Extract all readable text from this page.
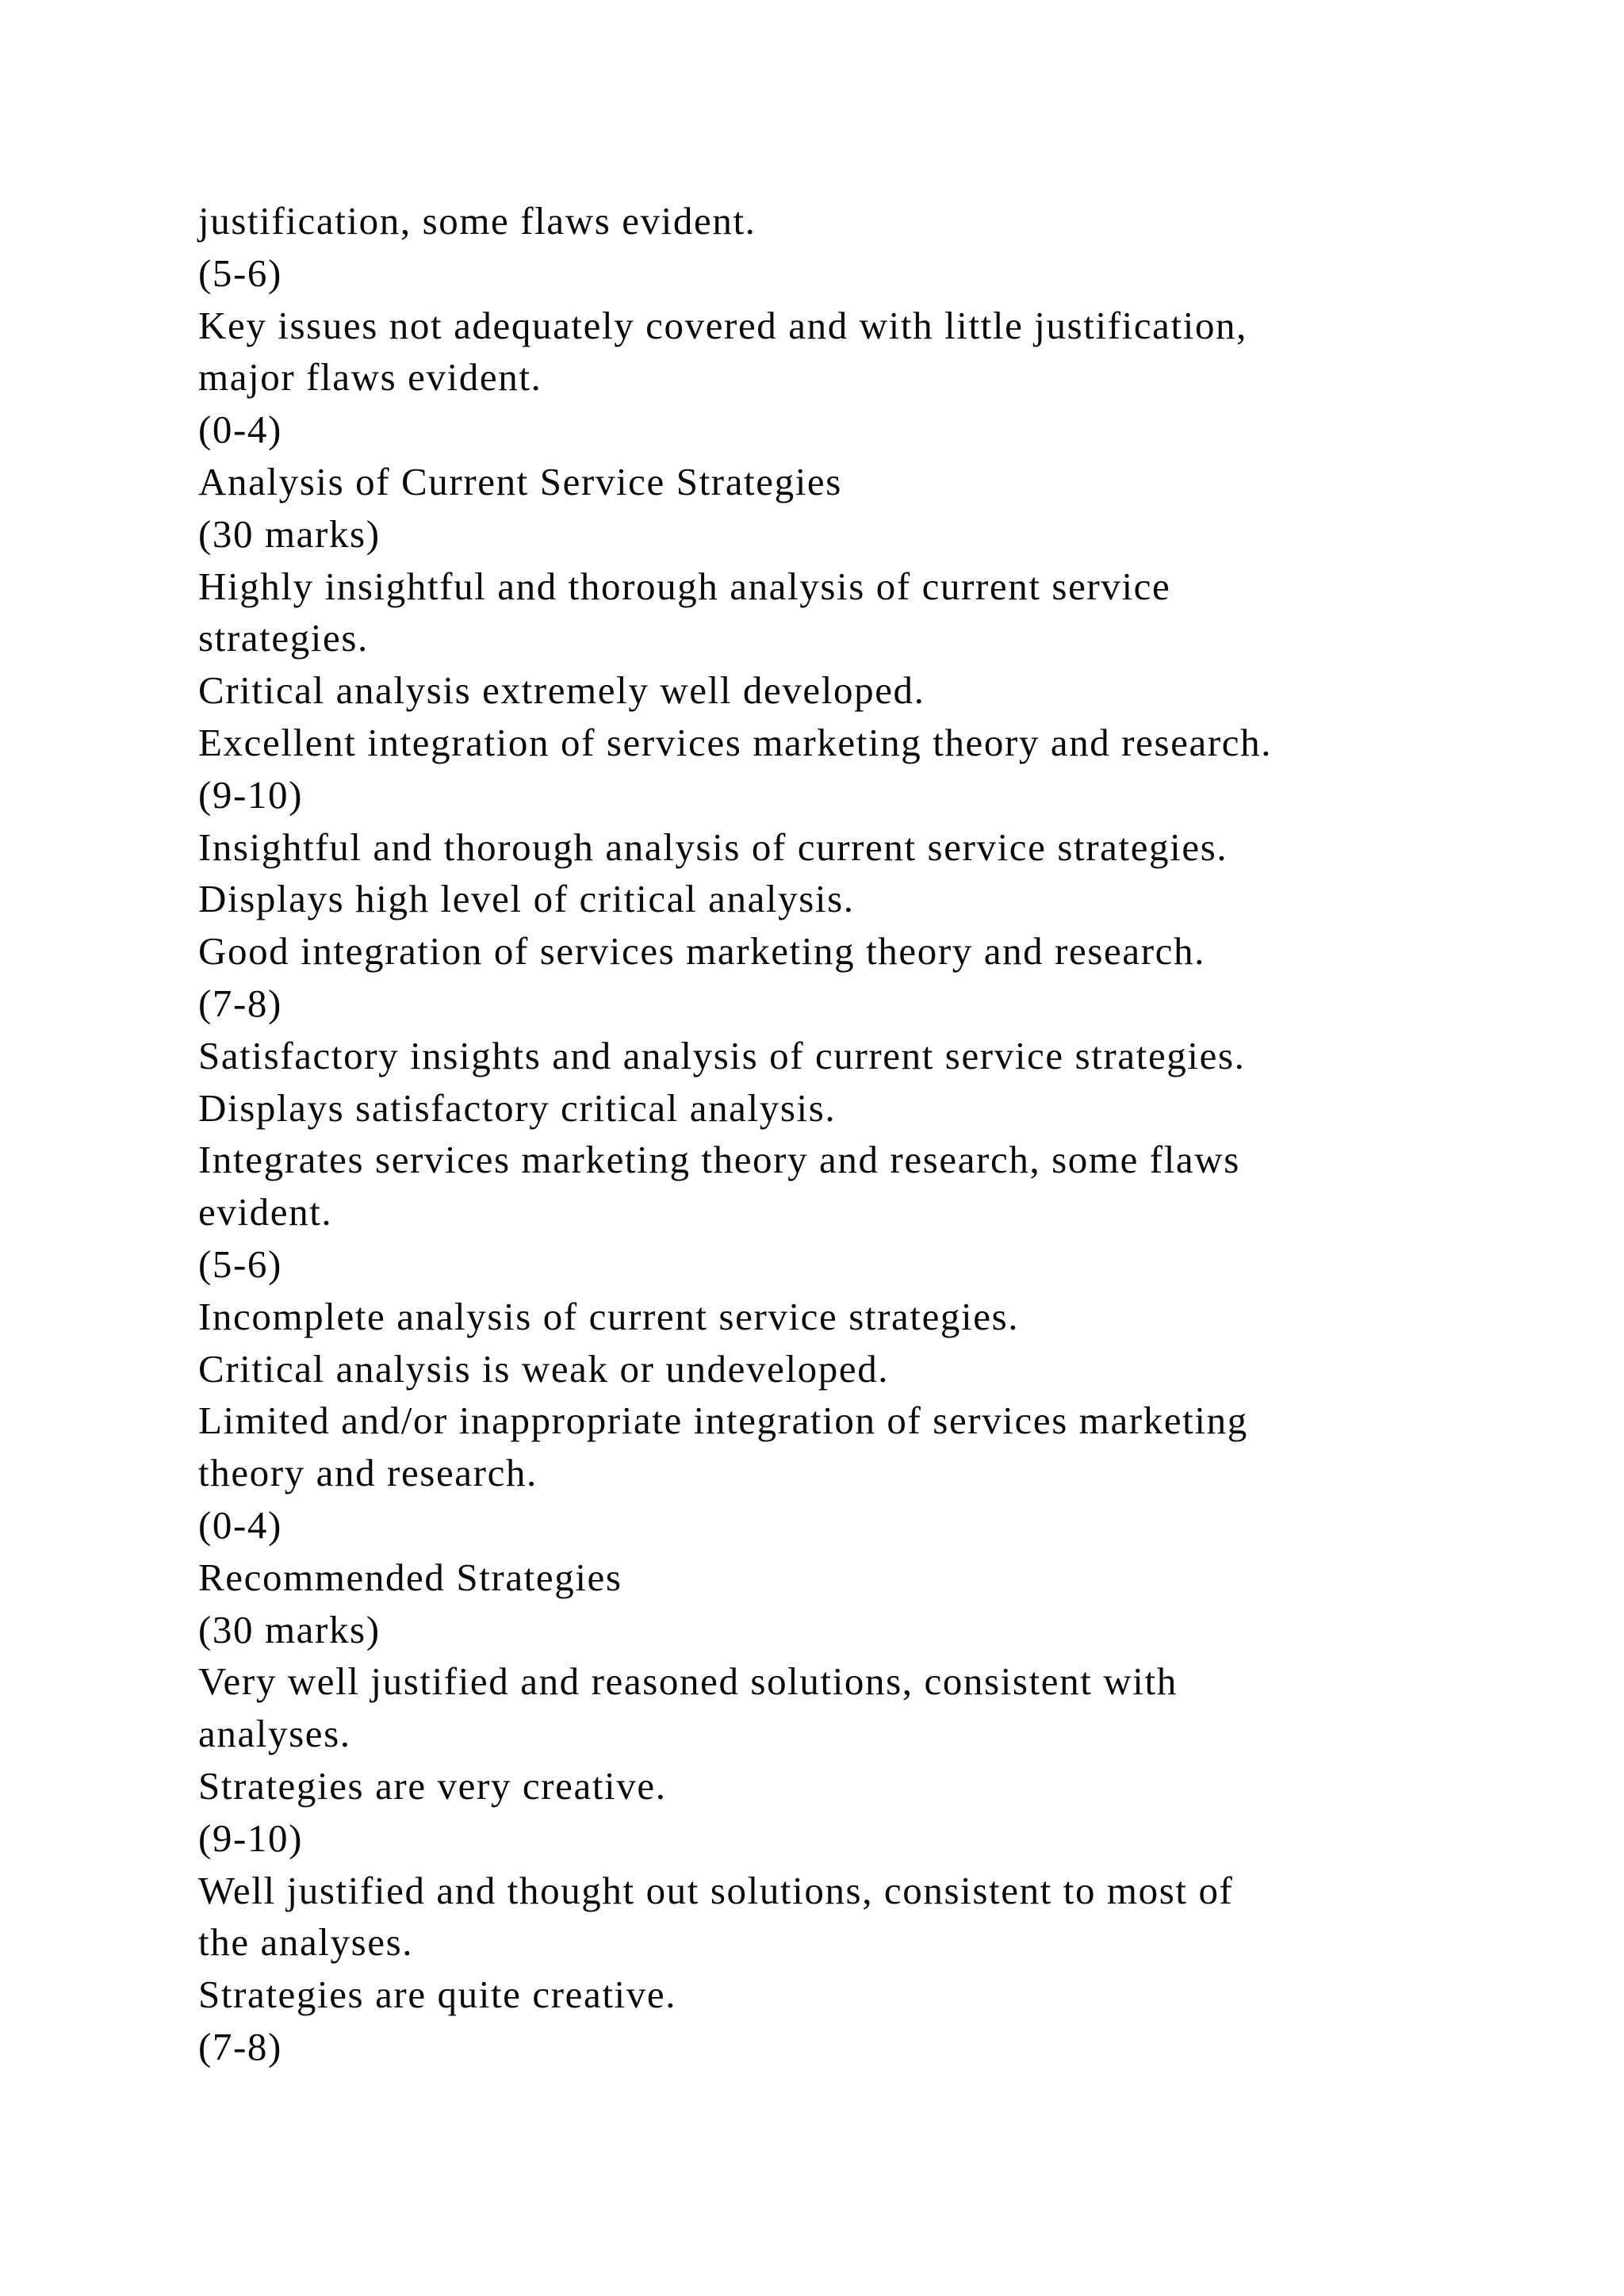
justification, some flaws evident.
(5-6)
Key issues not adequately covered and with little justification,
major flaws evident.
(0-4)
Analysis of Current Service Strategies
(30 marks)
Highly insightful and thorough analysis of current service
strategies.
Critical analysis extremely well developed.
Excellent integration of services marketing theory and research.
(9-10)
Insightful and thorough analysis of current service strategies.
Displays high level of critical analysis.
Good integration of services marketing theory and research.
(7-8)
Satisfactory insights and analysis of current service strategies.
Displays satisfactory critical analysis.
Integrates services marketing theory and research, some flaws
evident.
(5-6)
Incomplete analysis of current service strategies.
Critical analysis is weak or undeveloped.
Limited and/or inappropriate integration of services marketing
theory and research.
(0-4)
Recommended Strategies
(30 marks)
Very well justified and reasoned solutions, consistent with
analyses.
Strategies are very creative.
(9-10)
Well justified and thought out solutions, consistent to most of
the analyses.
Strategies are quite creative.
(7-8)
